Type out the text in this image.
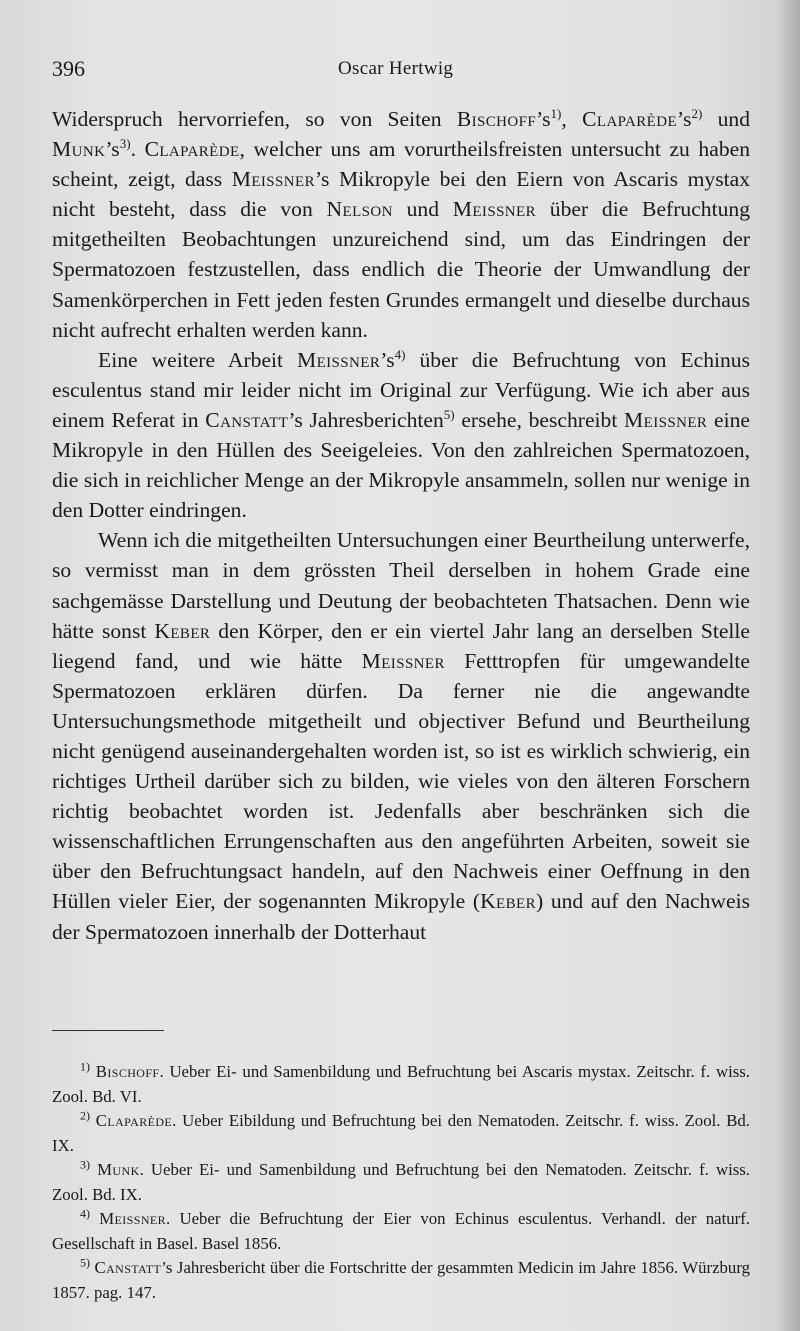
396	Oscar Hertwig

Widerspruch hervorriefen, so von Seiten $Bischoff’s^{1)}$, $Claparède’s^{2)}$ und $Munk’s^{3)}$. Claparède, welcher uns am vorurtheilsfreisten untersucht zu haben scheint, zeigt, dass Meissner’s Mikropyle bei den Eiern von Ascaris mystax nicht besteht, dass die von Nelson und Meissner über die Befruchtung mitgetheilten Beobachtungen unzureichend sind, um das Eindringen der Spermatozoen festzustellen, dass endlich die Theorie der Umwandlung der Samenkörperchen in Fett jeden festen Grundes ermangelt und dieselbe durchaus nicht aufrecht erhalten werden kann.

Eine weitere Arbeit $Meissner’s^{4)}$ über die Befruchtung von Echinus esculentus stand mir leider nicht im Original zur Verfügung. Wie ich aber aus einem Referat in Canstatt’s Jahresberichten$^{5)}$ ersehe, beschreibt Meissner eine Mikropyle in den Hüllen des Seeigeleies. Von den zahlreichen Spermatozoen, die sich in reichlicher Menge an der Mikropyle ansammeln, sollen nur wenige in den Dotter eindringen.

Wenn ich die mitgetheilten Untersuchungen einer Beurtheilung unterwerfe, so vermisst man in dem grössten Theil derselben in hohem Grade eine sachgemässe Darstellung und Deutung der beobachteten Thatsachen. Denn wie hätte sonst Keber den Körper, den er ein viertel Jahr lang an derselben Stelle liegend fand, und wie hätte Meissner Fetttropfen für umgewandelte Spermatozoen erklären dürfen. Da ferner nie die angewandte Untersuchungsmethode mitgetheilt und objectiver Befund und Beurtheilung nicht genügend auseinandergehalten worden ist, so ist es wirklich schwierig, ein richtiges Urtheil darüber sich zu bilden, wie vieles von den älteren Forschern richtig beobachtet worden ist. Jedenfalls aber beschränken sich die wissenschaftlichen Errungenschaften aus den angeführten Arbeiten, soweit sie über den Befruchtungsact handeln, auf den Nachweis einer Oeffnung in den Hüllen vieler Eier, der sogenannten Mikropyle (Keber) und auf den Nachweis der Spermatozoen innerhalb der Dotterhaut

$^{1)}$ Bischoff. Ueber Ei- und Samenbildung und Befruchtung bei Ascaris mystax. Zeitschr. f. wiss. Zool. Bd. VI.

$^{2)}$ Claparède. Ueber Eibildung und Befruchtung bei den Nematoden. Zeitschr. f. wiss. Zool. Bd. IX.

$^{3)}$ Munk. Ueber Ei- und Samenbildung und Befruchtung bei den Nematoden. Zeitschr. f. wiss. Zool. Bd. IX.

$^{4)}$ Meissner. Ueber die Befruchtung der Eier von Echinus esculentus. Verhandl. der naturf. Gesellschaft in Basel. Basel 1856.

$^{5)}$ Canstatt’s Jahresbericht über die Fortschritte der gesammten Medicin im Jahre 1856. Würzburg 1857. pag. 147.
